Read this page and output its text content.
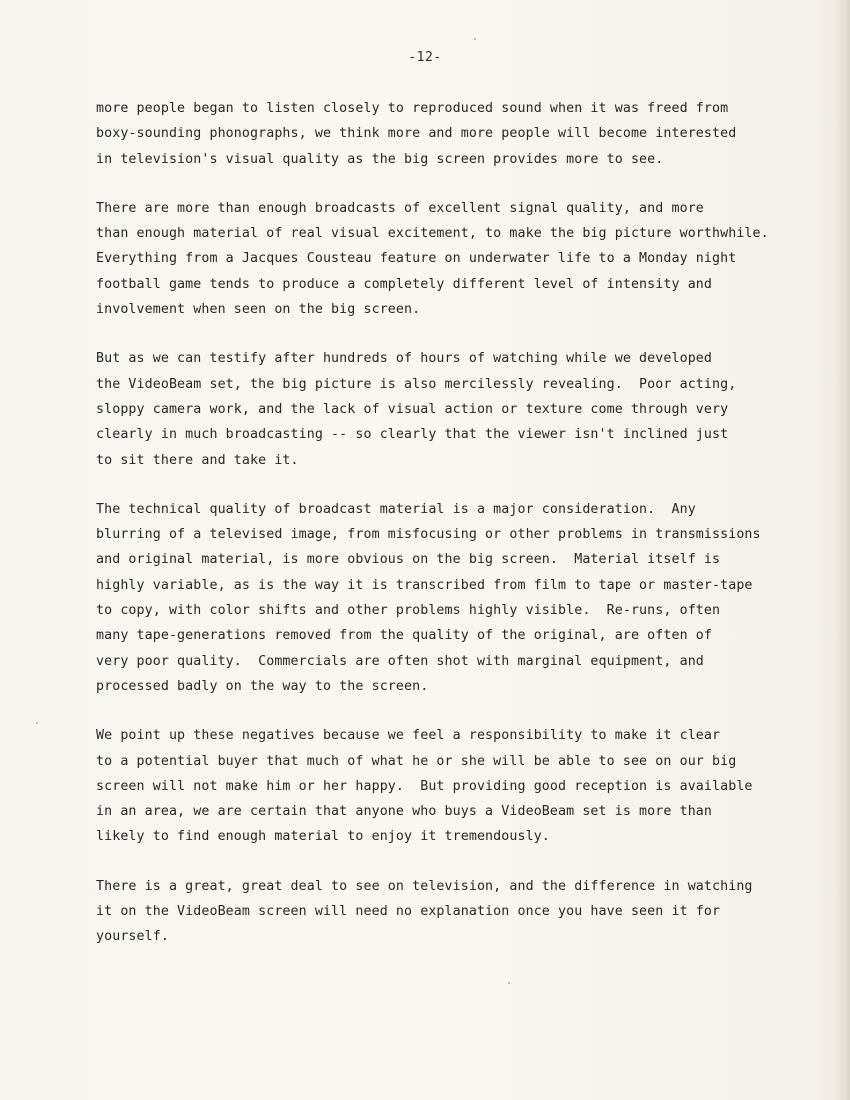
-12-
more people began to listen closely to reproduced sound when it was freed from
boxy-sounding phonographs, we think more and more people will become interested
in television's visual quality as the big screen provides more to see.
There are more than enough broadcasts of excellent signal quality, and more
than enough material of real visual excitement, to make the big picture worthwhile.
Everything from a Jacques Cousteau feature on underwater life to a Monday night
football game tends to produce a completely different level of intensity and
involvement when seen on the big screen.
But as we can testify after hundreds of hours of watching while we developed
the VideoBeam set, the big picture is also mercilessly revealing.  Poor acting,
sloppy camera work, and the lack of visual action or texture come through very
clearly in much broadcasting -- so clearly that the viewer isn't inclined just
to sit there and take it.
The technical quality of broadcast material is a major consideration.  Any
blurring of a televised image, from misfocusing or other problems in transmissions
and original material, is more obvious on the big screen.  Material itself is
highly variable, as is the way it is transcribed from film to tape or master-tape
to copy, with color shifts and other problems highly visible.  Re-runs, often
many tape-generations removed from the quality of the original, are often of
very poor quality.  Commercials are often shot with marginal equipment, and
processed badly on the way to the screen.
We point up these negatives because we feel a responsibility to make it clear
to a potential buyer that much of what he or she will be able to see on our big
screen will not make him or her happy.  But providing good reception is available
in an area, we are certain that anyone who buys a VideoBeam set is more than
likely to find enough material to enjoy it tremendously.
There is a great, great deal to see on television, and the difference in watching
it on the VideoBeam screen will need no explanation once you have seen it for
yourself.
